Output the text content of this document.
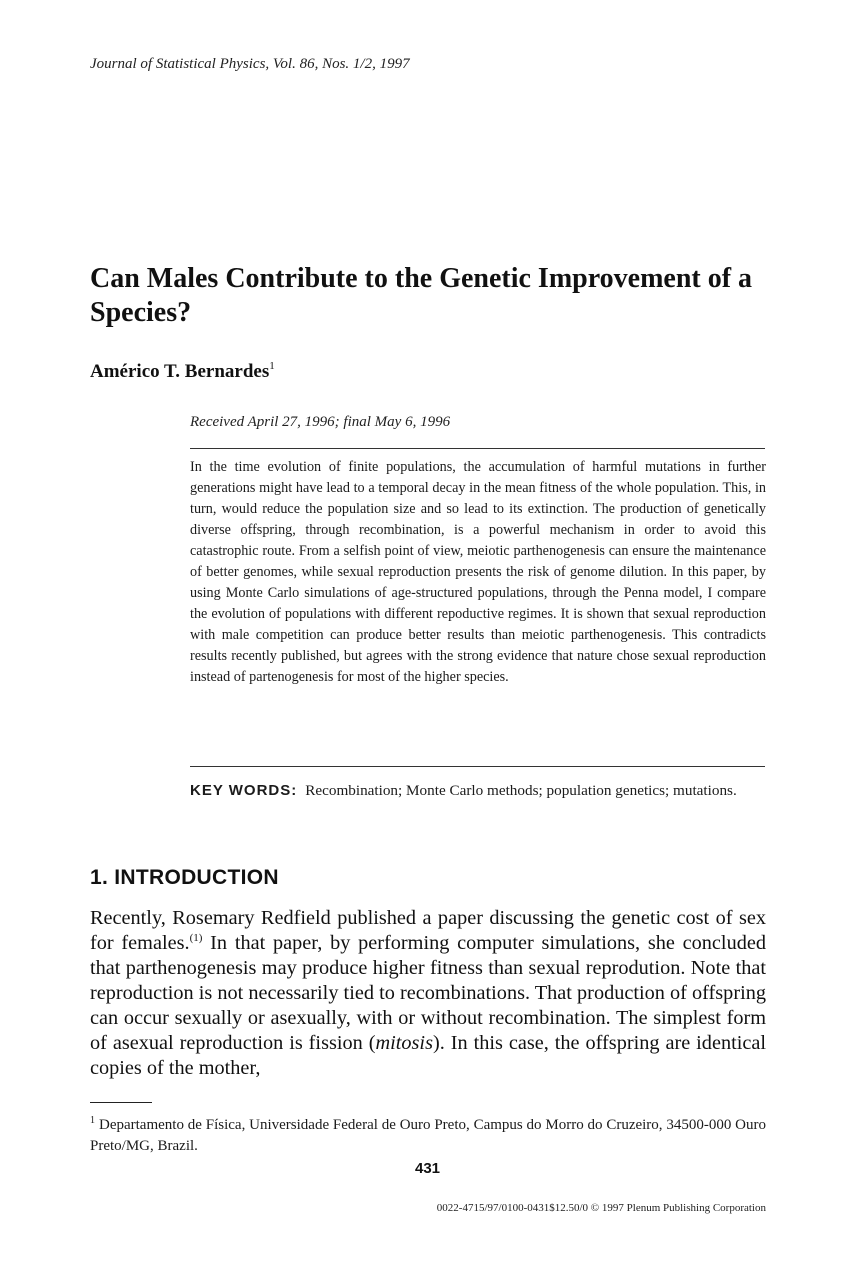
Journal of Statistical Physics, Vol. 86, Nos. 1/2, 1997
Can Males Contribute to the Genetic Improvement of a Species?
Américo T. Bernardes$^1$
Received April 27, 1996; final May 6, 1996
In the time evolution of finite populations, the accumulation of harmful mutations in further generations might have lead to a temporal decay in the mean fitness of the whole population. This, in turn, would reduce the population size and so lead to its extinction. The production of genetically diverse offspring, through recombination, is a powerful mechanism in order to avoid this catastrophic route. From a selfish point of view, meiotic parthenogenesis can ensure the maintenance of better genomes, while sexual reproduction presents the risk of genome dilution. In this paper, by using Monte Carlo simulations of age-structured populations, through the Penna model, I compare the evolution of populations with different repoductive regimes. It is shown that sexual reproduction with male competition can produce better results than meiotic parthenogenesis. This contradicts results recently published, but agrees with the strong evidence that nature chose sexual reproduction instead of partenogenesis for most of the higher species.
KEY WORDS: Recombination; Monte Carlo methods; population genetics; mutations.
1. INTRODUCTION
Recently, Rosemary Redfield published a paper discussing the genetic cost of sex for females.$^{(1)}$ In that paper, by performing computer simulations, she concluded that parthenogenesis may produce higher fitness than sexual reprodution. Note that reproduction is not necessarily tied to recombinations. That production of offspring can occur sexually or asexually, with or without recombination. The simplest form of asexual reproduction is fission (mitosis). In this case, the offspring are identical copies of the mother,
$^1$ Departamento de Física, Universidade Federal de Ouro Preto, Campus do Morro do Cruzeiro, 34500-000 Ouro Preto/MG, Brazil.
431
0022-4715/97/0100-0431$12.50/0 © 1997 Plenum Publishing Corporation
